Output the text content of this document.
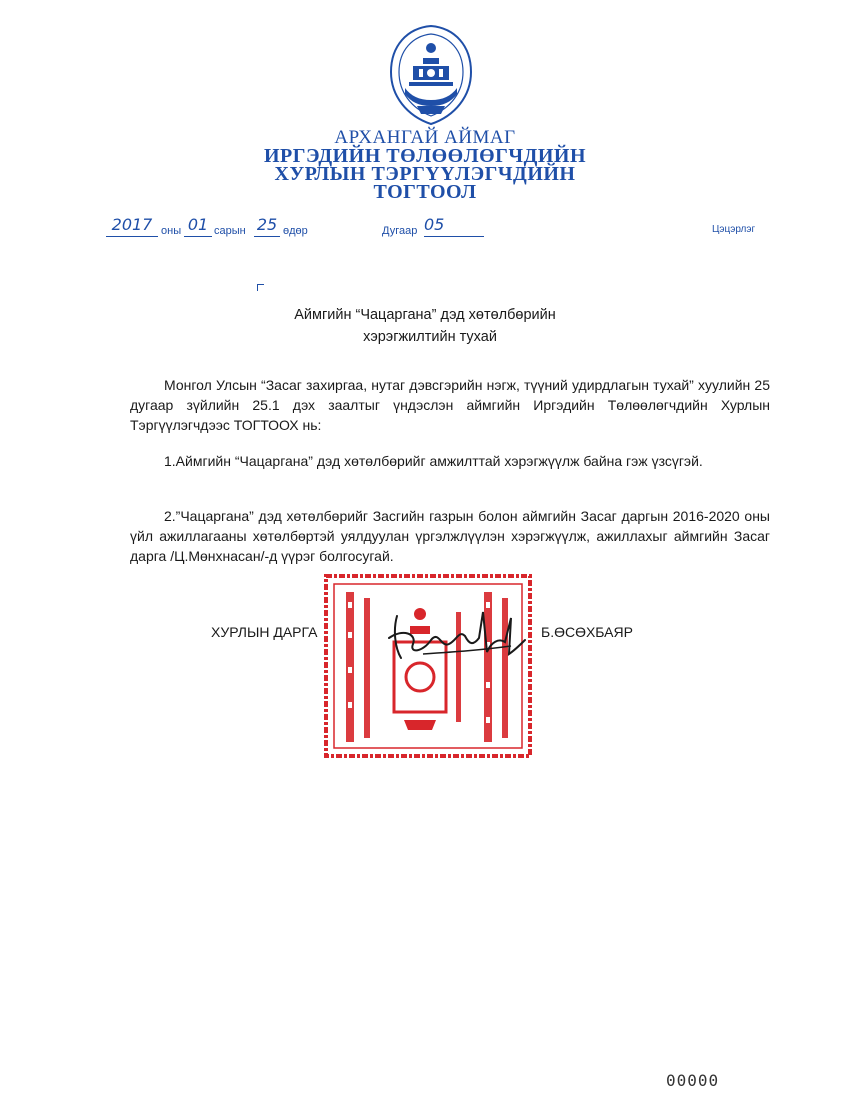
АРХАНГАЙ АЙМАГ
ИРГЭДИЙН ТӨЛӨӨЛӨГЧДИЙН
ХУРЛЫН ТЭРГҮҮЛЭГЧДИЙН
ТОГТООЛ
2017 оны 01 сарын 25 өдөр	Дугаар 05	Цэцэрлэг
Аймгийн “Чацаргана” дэд хөтөлбөрийн
хэрэгжилтийн тухай
Монгол Улсын “Засаг захиргаа, нутаг дэвсгэрийн нэгж, түүний удирдлагын тухай” хуулийн 25 дугаар зүйлийн 25.1 дэх заалтыг үндэслэн аймгийн Иргэдийн Төлөөлөгчдийн Хурлын Тэргүүлэгчдээс ТОГТООХ нь:
1.Аймгийн “Чацаргана” дэд хөтөлбөрийг амжилттай хэрэгжүүлж байна гэж үзсүгэй.
2.”Чацаргана” дэд хөтөлбөрийг Засгийн газрын болон аймгийн Засаг даргын 2016-2020 оны үйл ажиллагааны хөтөлбөртэй уялдуулан үргэлжлүүлэн хэрэгжүүлж, ажиллахыг аймгийн Засаг дарга /Ц.Мөнхнасан/-д үүрэг болгосугай.
ХУРЛЫН ДАРГА	Б.ӨСӨХБАЯР
00000
